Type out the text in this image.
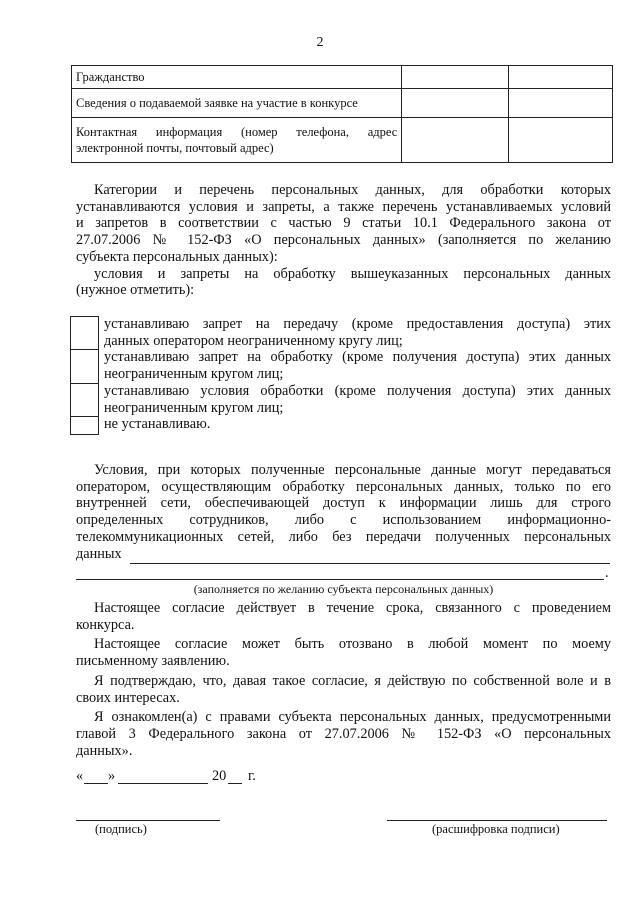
2
Гражданство		
Сведения о подаваемой заявке на участие в конкурсе		

Контактная информация (номер телефона, адрес
электронной почты, почтовый адрес)		

Категории и перечень персональных данных, для обработки которых
устанавливаются условия и запреты, а также перечень устанавливаемых условий
и запретов в соответствии с частью 9 статьи 10.1 Федерального закона от
27.07.2006 № 152-ФЗ «О персональных данных» (заполняется по желанию
субъекта персональных данных):
условия и запреты на обработку вышеуказанных персональных данных
(нужное отметить):
устанавливаю запрет на передачу (кроме предоставления доступа) этих
данных оператором неограниченному кругу лиц;
устанавливаю запрет на обработку (кроме получения доступа) этих данных
неограниченным кругом лиц;
устанавливаю условия обработки (кроме получения доступа) этих данных
неограниченным кругом лиц;
не устанавливаю.
Условия, при которых полученные персональные данные могут передаваться
оператором, осуществляющим обработку персональных данных, только по его
внутренней сети, обеспечивающей доступ к информации лишь для строго
определенных сотрудников, либо с использованием информационно-
телекоммуникационных сетей, либо без передачи полученных персональных
данных
.
(заполняется по желанию субъекта персональных данных)
Настоящее согласие действует в течение срока, связанного с проведением
конкурса.
Настоящее согласие может быть отозвано в любой момент по моему
письменному заявлению.
Я подтверждаю, что, давая такое согласие, я действую по собственной воле и в
своих интересах.
Я ознакомлен(а) с правами субъекта персональных данных, предусмотренными
главой 3 Федерального закона от 27.07.2006 № 152-ФЗ «О персональных
данных».
« »	20 г.
(подпись)	(расшифровка подписи)
